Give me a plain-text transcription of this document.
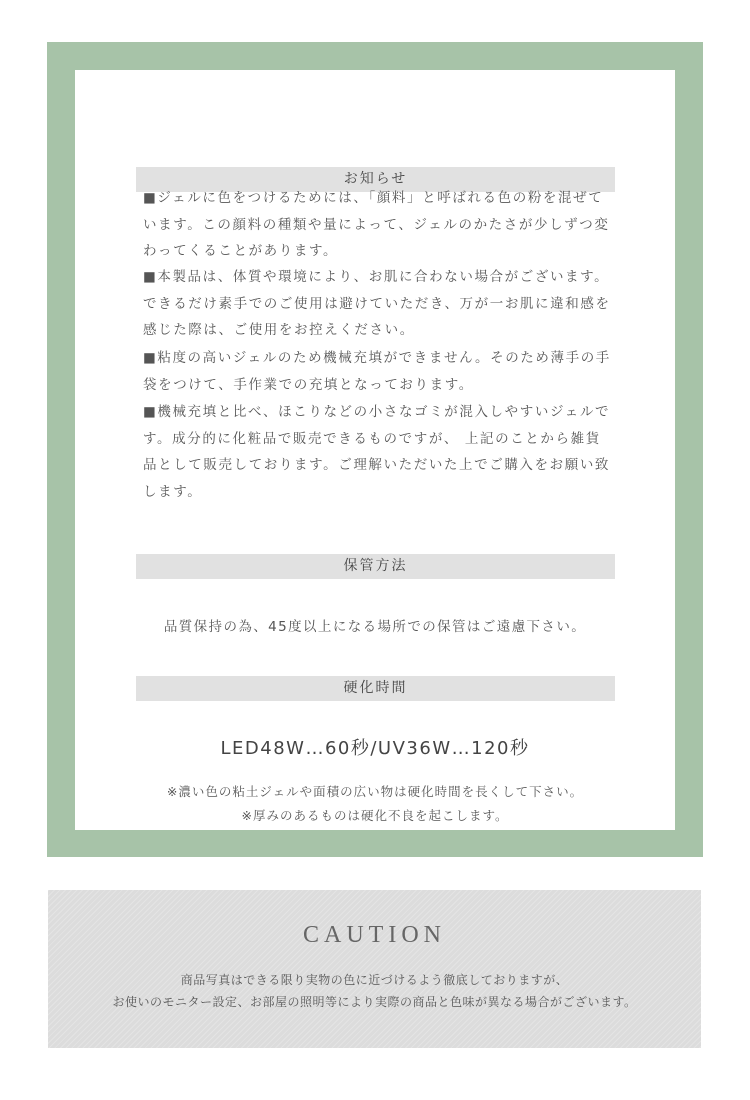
お知らせ

■ジェルに色をつけるためには、「顔料」と呼ばれる色の粉を混ぜています。この顔料の種類や量によって、ジェルのかたさが少しずつ変わってくることがあります。

■本製品は、体質や環境により、お肌に合わない場合がございます。できるだけ素手でのご使用は避けていただき、万が一お肌に違和感を感じた際は、ご使用をお控えください。

■粘度の高いジェルのため機械充填ができません。そのため薄手の手袋をつけて、手作業での充填となっております。

■機械充填と比べ、ほこりなどの小さなゴミが混入しやすいジェルです。成分的に化粧品で販売できるものですが、 上記のことから雑貨品として販売しております。ご理解いただいた上でご購入をお願い致します。

保管方法
品質保持の為、45度以上になる場所での保管はご遠慮下さい。
硬化時間
LED48W…60秒/UV36W…120秒
※濃い色の粘土ジェルや面積の広い物は硬化時間を長くして下さい。
※厚みのあるものは硬化不良を起こします。
CAUTION
商品写真はできる限り実物の色に近づけるよう徹底しておりますが、
お使いのモニター設定、お部屋の照明等により実際の商品と色味が異なる場合がございます。
